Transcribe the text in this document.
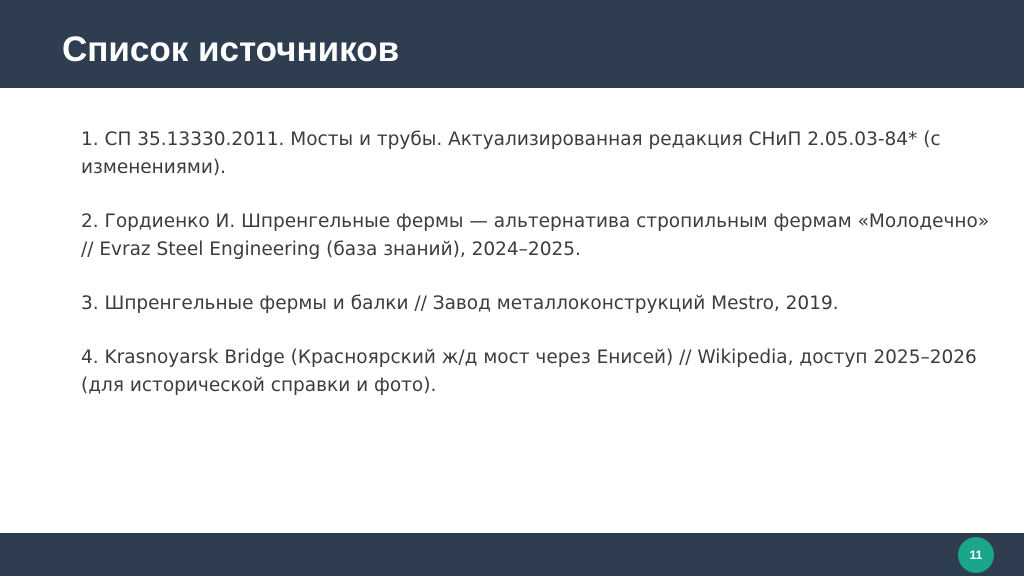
Список источников

1. СП 35.13330.2011. Мосты и трубы. Актуализированная редакция СНиП 2.05.03-84* (с изменениями).

2. Гордиенко И. Шпренгельные фермы — альтернатива стропильным фермам «Молодечно» // Evraz Steel Engineering (база знаний), 2024–2025.

3. Шпренгельные фермы и балки // Завод металлоконструкций Mestro, 2019.

4. Krasnoyarsk Bridge (Красноярский ж/д мост через Енисей) // Wikipedia, доступ 2025–2026 (для исторической справки и фото).

11
